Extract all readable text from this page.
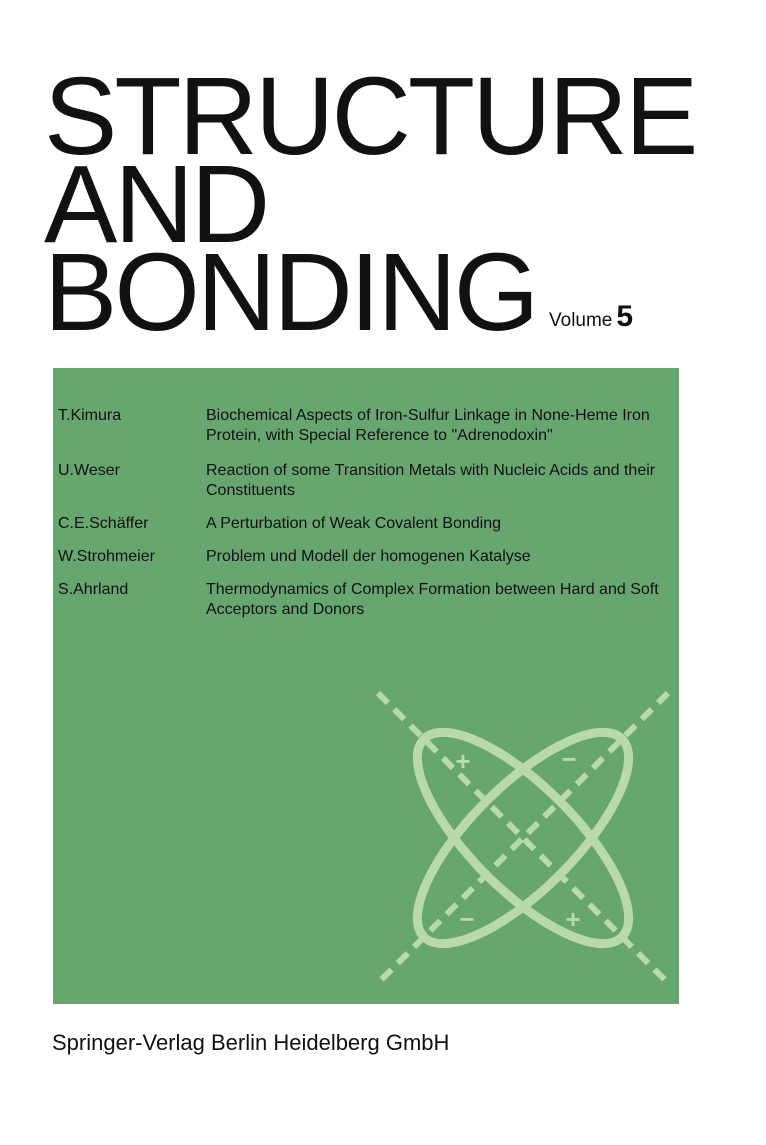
STRUCTURE
AND
BONDING Volume 5
T.Kimura	Biochemical Aspects of Iron-Sulfur Linkage in None-Heme Iron Protein, with Special Reference to "Adrenodoxin"
U.Weser	Reaction of some Transition Metals with Nucleic Acids and their Constituents
C.E.Schäffer	A Perturbation of Weak Covalent Bonding
W.Strohmeier	Problem und Modell der homogenen Katalyse
S.Ahrland	Thermodynamics of Complex Formation between Hard and Soft Acceptors and Donors
+	−
−	+
Springer-Verlag Berlin Heidelberg GmbH
